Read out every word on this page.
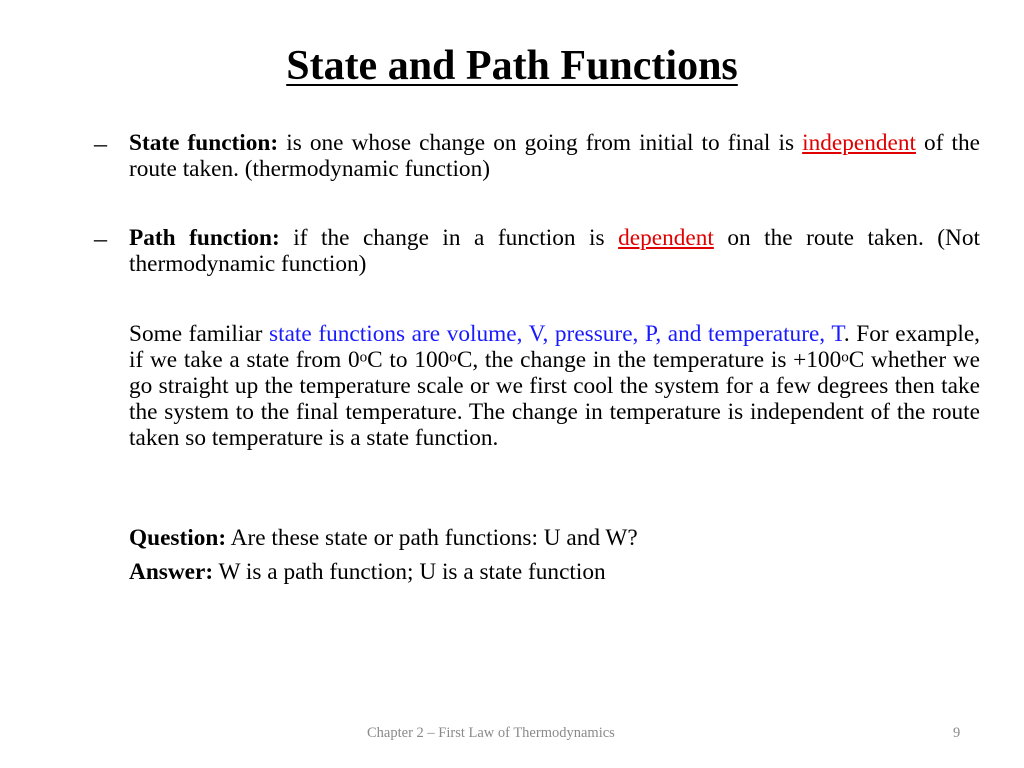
State and Path Functions
– State function: is one whose change on going from initial to final is independent of the route taken. (thermodynamic function)

– Path function: if the change in a function is dependent on the route taken. (Not thermodynamic function)

Some familiar state functions are volume, V, pressure, P, and temperature, T. For example, if we take a state from 0$^o$C to 100$^o$C, the change in the temperature is $+100^oC$ whether we go straight up the temperature scale or we first cool the system for a few degrees then take the system to the final temperature. The change in temperature is independent of the route taken so temperature is a state function.

Question: Are these state or path functions: U and W?

Answer: W is a path function; U is a state function

Chapter 2 – First Law of Thermodynamics	9
